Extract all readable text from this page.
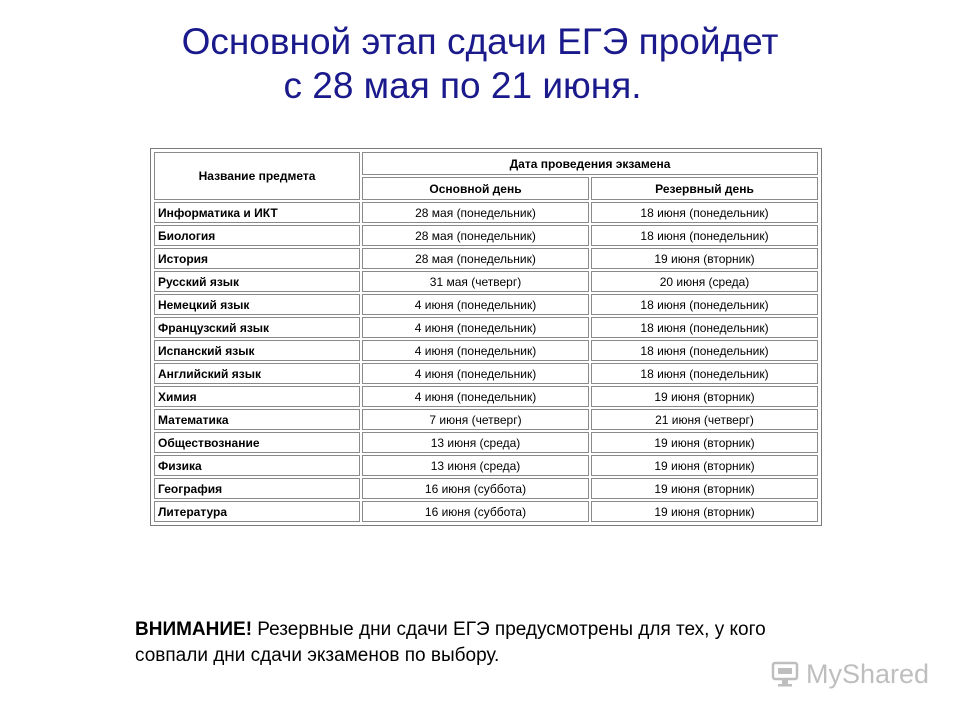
Основной этап сдачи ЕГЭ пройдет
с 28 мая по 21 июня.
Название предмета	Дата проведения экзамена	
	Основной день	Резервный день
Информатика и ИКТ	28 мая (понедельник)	18 июня (понедельник)
Биология	28 мая (понедельник)	18 июня (понедельник)
История	28 мая (понедельник)	19 июня (вторник)
Русский язык	31 мая (четверг)	20 июня (среда)
Немецкий язык	4 июня (понедельник)	18 июня (понедельник)
Французский язык	4 июня (понедельник)	18 июня (понедельник)
Испанский язык	4 июня (понедельник)	18 июня (понедельник)
Английский язык	4 июня (понедельник)	18 июня (понедельник)
Химия	4 июня (понедельник)	19 июня (вторник)
Математика	7 июня (четверг)	21 июня (четверг)
Обществознание	13 июня (среда)	19 июня (вторник)
Физика	13 июня (среда)	19 июня (вторник)
География	16 июня (суббота)	19 июня (вторник)
Литература	16 июня (суббота)	19 июня (вторник)
ВНИМАНИЕ! Резервные дни сдачи ЕГЭ предусмотрены для тех, у кого совпали дни сдачи экзаменов по выбору.
MyShared
